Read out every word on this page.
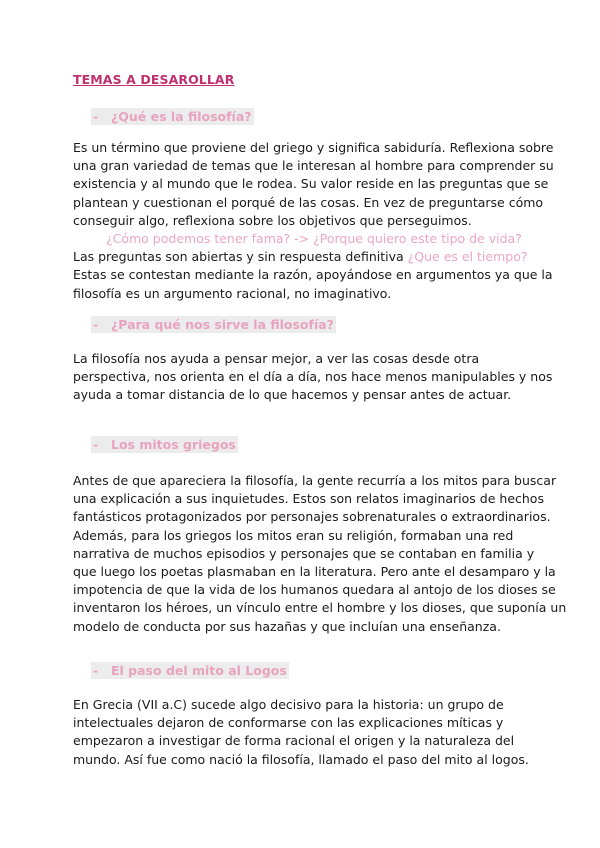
TEMAS A DESAROLLAR
- ¿Qué es la filosofía?
Es un término que proviene del griego y significa sabiduría. Reflexiona sobre
una gran variedad de temas que le interesan al hombre para comprender su
existencia y al mundo que le rodea. Su valor reside en las preguntas que se
plantean y cuestionan el porqué de las cosas. En vez de preguntarse cómo
conseguir algo, reflexiona sobre los objetivos que perseguimos.
¿Cómo podemos tener fama? -> ¿Porque quiero este tipo de vida?
Las preguntas son abiertas y sin respuesta definitiva ¿Que es el tiempo?
Estas se contestan mediante la razón, apoyándose en argumentos ya que la
filosofía es un argumento racional, no imaginativo.
- ¿Para qué nos sirve la filosofía?
La filosofía nos ayuda a pensar mejor, a ver las cosas desde otra
perspectiva, nos orienta en el día a día, nos hace menos manipulables y nos
ayuda a tomar distancia de lo que hacemos y pensar antes de actuar.
- Los mitos griegos
Antes de que apareciera la filosofía, la gente recurría a los mitos para buscar
una explicación a sus inquietudes. Estos son relatos imaginarios de hechos
fantásticos protagonizados por personajes sobrenaturales o extraordinarios.
Además, para los griegos los mitos eran su religión, formaban una red
narrativa de muchos episodios y personajes que se contaban en familia y
que luego los poetas plasmaban en la literatura. Pero ante el desamparo y la
impotencia de que la vida de los humanos quedara al antojo de los dioses se
inventaron los héroes, un vínculo entre el hombre y los dioses, que suponía un
modelo de conducta por sus hazañas y que incluían una enseñanza.
- El paso del mito al Logos
En Grecia (VII a.C) sucede algo decisivo para la historia: un grupo de
intelectuales dejaron de conformarse con las explicaciones míticas y
empezaron a investigar de forma racional el origen y la naturaleza del
mundo. Así fue como nació la filosofía, llamado el paso del mito al logos.
